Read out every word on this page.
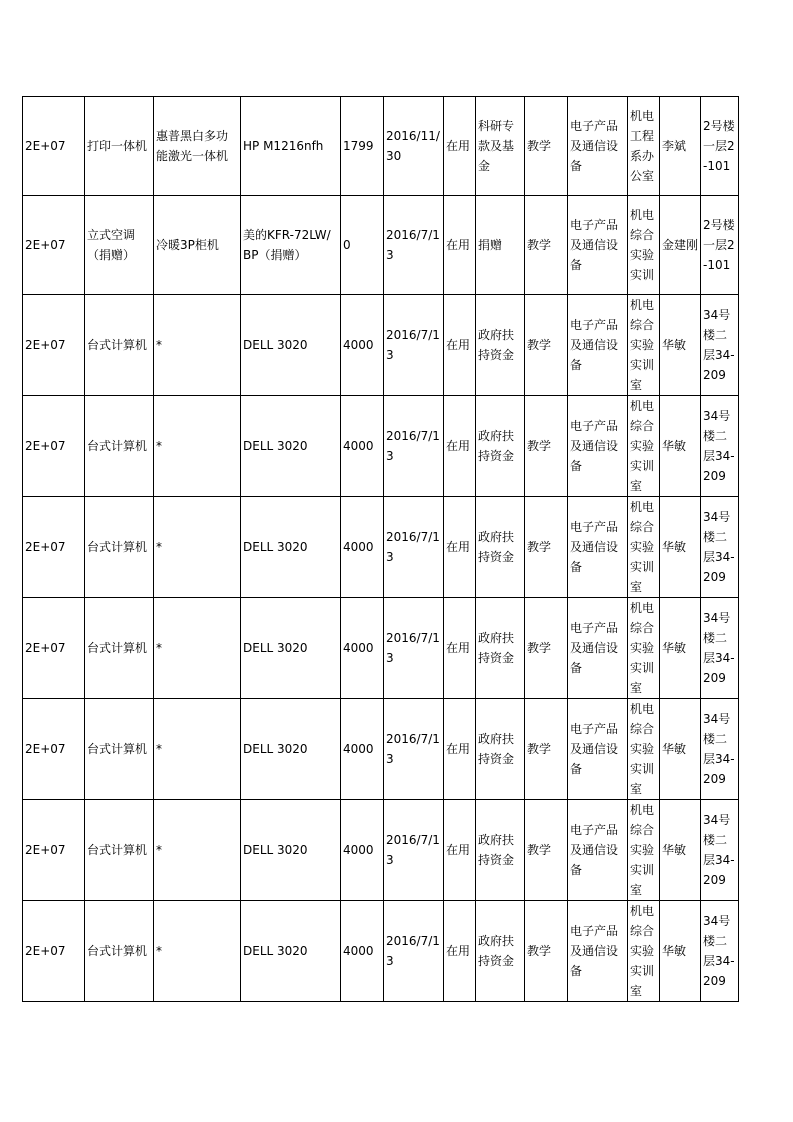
2E+07	打印一体机	惠普黑白多功能激光一体机	HP M1216nfh	1799	2016/11/30	在用	科研专款及基金	教学	电子产品及通信设备	机电工程系办公室	李斌	2号楼一层2-101
2E+07	立式空调（捐赠）	冷暖3P柜机	美的KFR-72LW/BP（捐赠）	0	2016/7/13	在用	捐赠	教学	电子产品及通信设备	机电综合实验实训	金建刚	2号楼一层2-101
2E+07	台式计算机	*	DELL 3020	4000	2016/7/13	在用	政府扶持资金	教学	电子产品及通信设备	机电综合实验实训室	华敏	34号楼二层34-209
2E+07	台式计算机	*	DELL 3020	4000	2016/7/13	在用	政府扶持资金	教学	电子产品及通信设备	机电综合实验实训室	华敏	34号楼二层34-209
2E+07	台式计算机	*	DELL 3020	4000	2016/7/13	在用	政府扶持资金	教学	电子产品及通信设备	机电综合实验实训室	华敏	34号楼二层34-209
2E+07	台式计算机	*	DELL 3020	4000	2016/7/13	在用	政府扶持资金	教学	电子产品及通信设备	机电综合实验实训室	华敏	34号楼二层34-209
2E+07	台式计算机	*	DELL 3020	4000	2016/7/13	在用	政府扶持资金	教学	电子产品及通信设备	机电综合实验实训室	华敏	34号楼二层34-209
2E+07	台式计算机	*	DELL 3020	4000	2016/7/13	在用	政府扶持资金	教学	电子产品及通信设备	机电综合实验实训室	华敏	34号楼二层34-209
2E+07	台式计算机	*	DELL 3020	4000	2016/7/13	在用	政府扶持资金	教学	电子产品及通信设备	机电综合实验实训室	华敏	34号楼二层34-209
